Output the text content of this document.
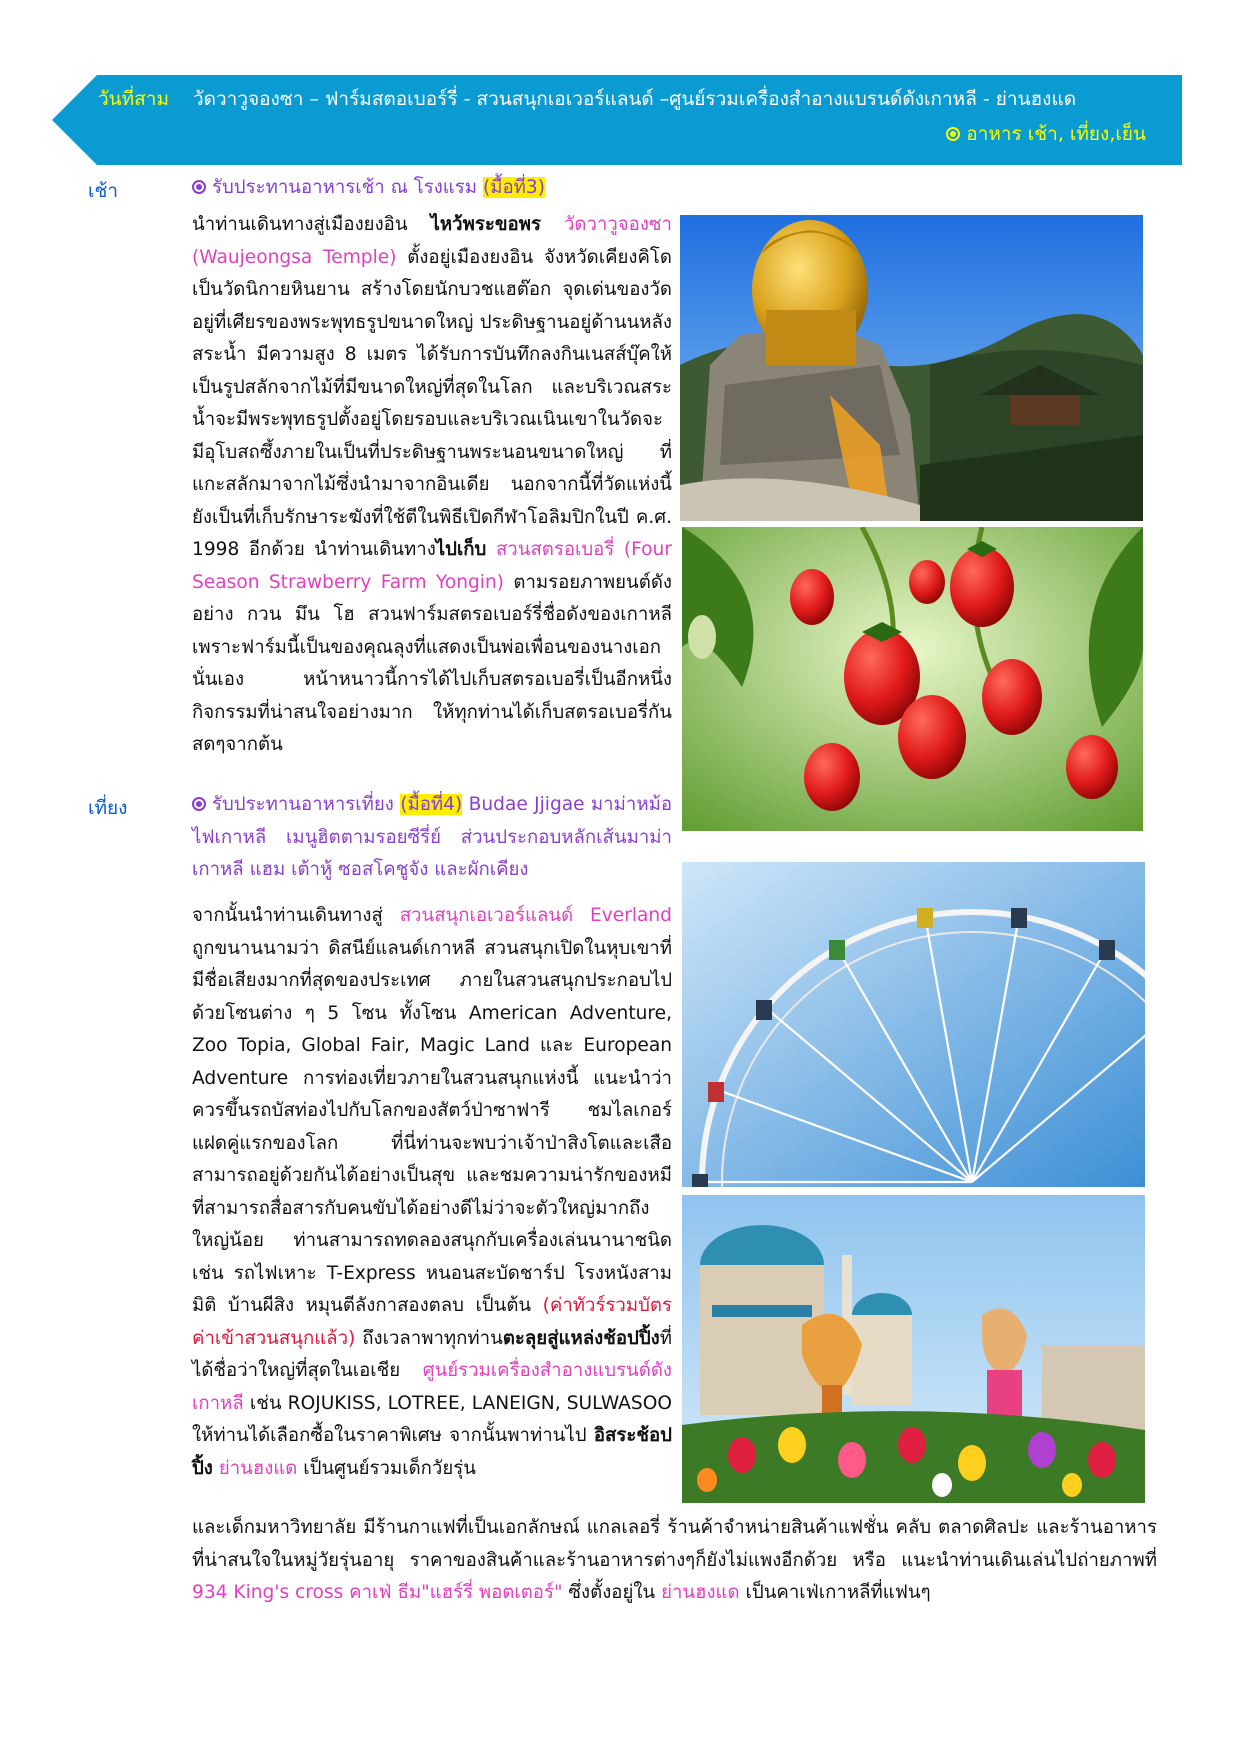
วันที่สาม วัดวาวูจองซา – ฟาร์มสตอเบอร์รี่ - สวนสนุกเอเวอร์แลนด์ –ศูนย์รวมเครื่องสำอางแบรนด์ดังเกาหลี - ย่านฮงแด
อาหาร เช้า, เที่ยง,เย็น
เช้า	รับประทานอาหารเช้า ณ โรงแรม (มื้อที่3)
นำท่านเดินทางสู่เมืองยงอิน ไหว้พระขอพร วัดวาวูจองซา (Waujeongsa Temple) ตั้งอยู่เมืองยงอิน จังหวัดเคียงคิโด เป็นวัดนิกายหินยาน สร้างโดยนักบวชแฮต๊อก จุดเด่นของวัดอยู่ที่เศียรของพระพุทธรูปขนาดใหญ่ ประดิษฐานอยู่ด้านนหลังสระน้ำ มีความสูง 8 เมตร ได้รับการบันทึกลงกินเนสส์บุ๊คให้เป็นรูปสลักจากไม้ที่มีขนาดใหญ่ที่สุดในโลก และบริเวณสระน้ำจะมีพระพุทธรูปตั้งอยู่โดยรอบและบริเวณเนินเขาในวัดจะมีอุโบสถซึ้งภายในเป็นที่ประดิษฐานพระนอนขนาดใหญ่ ที่แกะสลักมาจากไม้ซึ่งนำมาจากอินเดีย นอกจากนี้ที่วัดแห่งนี้ยังเป็นที่เก็บรักษาระฆังที่ใช้ตีในพิธีเปิดกีฬาโอลิมปิกในปี ค.ศ. 1998 อีกด้วย นำท่านเดินทางไปเก็บ สวนสตรอเบอรี่ (Four Season Strawberry Farm Yongin) ตามรอยภาพยนต์ดังอย่าง กวน มึน โฮ สวนฟาร์มสตรอเบอร์รี่ชื่อดังของเกาหลี เพราะฟาร์มนี้เป็นของคุณลุงที่แสดงเป็นพ่อเพื่อนของนางเอกนั่นเอง หน้าหนาวนี้การได้ไปเก็บสตรอเบอรี่เป็นอีกหนึ่งกิจกรรมที่น่าสนใจอย่างมาก ให้ทุกท่านได้เก็บสตรอเบอรี่กันสดๆจากต้น
เที่ยง	รับประทานอาหารเที่ยง (มื้อที่4) Budae Jjigae มาม่าหม้อไฟเกาหลี เมนูฮิตตามรอยซีรี่ย์ ส่วนประกอบหลักเส้นมาม่าเกาหลี แฮม เต้าหู้ ซอสโคชูจัง และผักเคียง
จากนั้นนำท่านเดินทางสู่ สวนสนุกเอเวอร์แลนด์ Everland ถูกขนานนามว่า ดิสนีย์แลนด์เกาหลี สวนสนุกเปิดในหุบเขาที่มีชื่อเสียงมากที่สุดของประเทศ ภายในสวนสนุกประกอบไปด้วยโซนต่าง ๆ 5 โซน ทั้งโซน American Adventure, Zoo Topia, Global Fair, Magic Land และ European Adventure การท่องเที่ยวภายในสวนสนุกแห่งนี้ แนะนำว่า ควรขึ้นรถบัสท่องไปกับโลกของสัตว์ป่าซาฟารี ชมไลเกอร์แฝดคู่แรกของโลก ที่นี่ท่านจะพบว่าเจ้าป่าสิงโตและเสือสามารถอยู่ด้วยกันได้อย่างเป็นสุข และชมความน่ารักของหมีที่สามารถสื่อสารกับคนขับได้อย่างดีไม่ว่าจะตัวใหญ่มากถึงใหญ่น้อย ท่านสามารถทดลองสนุกกับเครื่องเล่นนานาชนิด เช่น รถไฟเหาะ T-Express หนอนสะบัดชาร์ป โรงหนังสามมิติ บ้านผีสิง หมุนตีลังกาสองตลบ เป็นต้น (ค่าทัวร์รวมบัตรค่าเข้าสวนสนุกแล้ว) ถึงเวลาพาทุกท่านตะลุยสู่แหล่งช้อปปิ้งที่ได้ชื่อว่าใหญ่ที่สุดในเอเชีย ศูนย์รวมเครื่องสำอางแบรนด์ดังเกาหลี เช่น ROJUKISS, LOTREE, LANEIGN, SULWASOO ให้ท่านได้เลือกซื้อในราคาพิเศษ จากนั้นพาท่านไป อิสระช้อปปิ้ง ย่านฮงแด เป็นศูนย์รวมเด็กวัยรุ่น
และเด็กมหาวิทยาลัย มีร้านกาแฟที่เป็นเอกลักษณ์ แกลเลอรี่ ร้านค้าจำหน่ายสินค้าแฟชั่น คลับ ตลาดศิลปะ และร้านอาหารที่น่าสนใจในหมู่วัยรุ่นอายุ ราคาของสินค้าและร้านอาหารต่างๆก็ยังไม่แพงอีกด้วย หรือ แนะนำท่านเดินเล่นไปถ่ายภาพที่ 934 King's cross คาเฟ่ ธีม"แฮร์รี่ พอตเตอร์" ซึ่งตั้งอยู่ใน ย่านฮงแด เป็นคาเฟ่เกาหลีที่แฟนๆ
